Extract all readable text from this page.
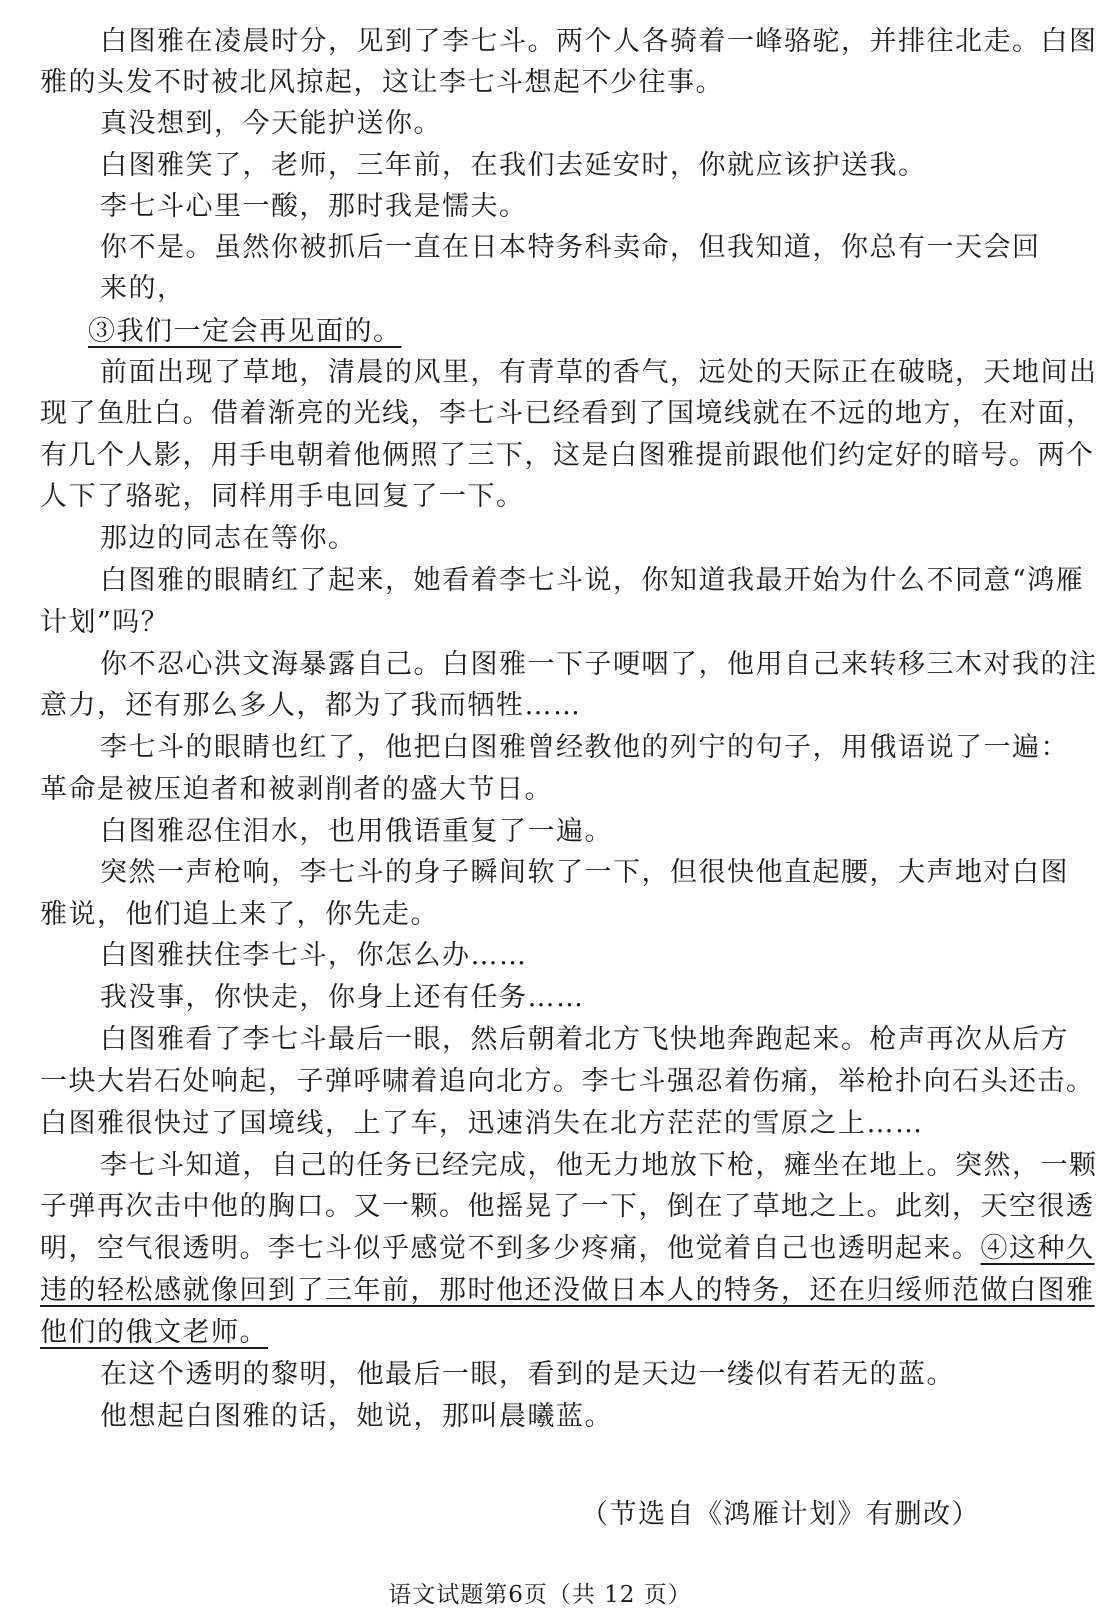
白图雅在凌晨时分，见到了李七斗。两个人各骑着一峰骆驼，并排往北走。白图
雅的头发不时被北风掠起，这让李七斗想起不少往事。
真没想到，今天能护送你。
白图雅笑了，老师，三年前，在我们去延安时，你就应该护送我。
李七斗心里一酸，那时我是懦夫。
你不是。虽然你被抓后一直在日本特务科卖命，但我知道，你总有一天会回
来的，
③我们一定会再见面的。
前面出现了草地，清晨的风里，有青草的香气，远处的天际正在破晓，天地间出
现了鱼肚白。借着渐亮的光线，李七斗已经看到了国境线就在不远的地方，在对面，
有几个人影，用手电朝着他俩照了三下，这是白图雅提前跟他们约定好的暗号。两个
人下了骆驼，同样用手电回复了一下。
那边的同志在等你。
白图雅的眼睛红了起来，她看着李七斗说，你知道我最开始为什么不同意“鸿雁
计划”吗？
你不忍心洪文海暴露自己。白图雅一下子哽咽了，他用自己来转移三木对我的注
意力，还有那么多人，都为了我而牺牲……
李七斗的眼睛也红了，他把白图雅曾经教他的列宁的句子，用俄语说了一遍：
革命是被压迫者和被剥削者的盛大节日。
白图雅忍住泪水，也用俄语重复了一遍。
突然一声枪响，李七斗的身子瞬间软了一下，但很快他直起腰，大声地对白图
雅说，他们追上来了，你先走。
白图雅扶住李七斗，你怎么办……
我没事，你快走，你身上还有任务……
白图雅看了李七斗最后一眼，然后朝着北方飞快地奔跑起来。枪声再次从后方
一块大岩石处响起，子弹呼啸着追向北方。李七斗强忍着伤痛，举枪扑向石头还击。
白图雅很快过了国境线，上了车，迅速消失在北方茫茫的雪原之上……
李七斗知道，自己的任务已经完成，他无力地放下枪，瘫坐在地上。突然，一颗
子弹再次击中他的胸口。又一颗。他摇晃了一下，倒在了草地之上。此刻，天空很透
明，空气很透明。李七斗似乎感觉不到多少疼痛，他觉着自己也透明起来。④这种久
违的轻松感就像回到了三年前，那时他还没做日本人的特务，还在归绥师范做白图雅
他们的俄文老师。
在这个透明的黎明，他最后一眼，看到的是天边一缕似有若无的蓝。
他想起白图雅的话，她说，那叫晨曦蓝。
（节选自《鸿雁计划》有删改）
语文试题第6页（共 12 页）
